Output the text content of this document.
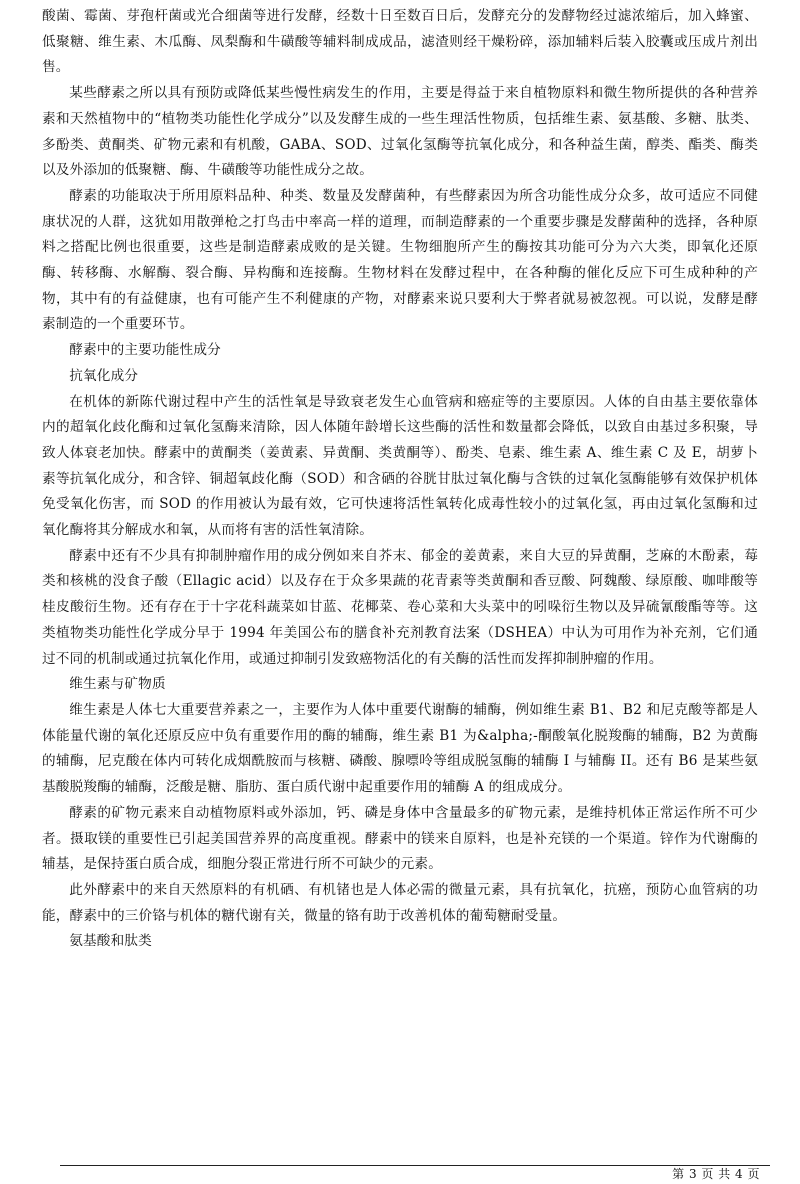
酸菌、霉菌、芽孢杆菌或光合细菌等进行发酵，经数十日至数百日后，发酵充分的发酵物经过滤浓缩后，加入蜂蜜、低聚糖、维生素、木瓜酶、凤梨酶和牛磺酸等辅料制成成品，滤渣则经干燥粉碎，添加辅料后装入胶囊或压成片剂出售。

某些酵素之所以具有预防或降低某些慢性病发生的作用，主要是得益于来自植物原料和微生物所提供的各种营养素和天然植物中的“植物类功能性化学成分”以及发酵生成的一些生理活性物质，包括维生素、氨基酸、多糖、肽类、多酚类、黄酮类、矿物元素和有机酸，GABA、SOD、过氧化氢酶等抗氧化成分，和各种益生菌，醇类、酯类、酶类以及外添加的低聚糖、酶、牛磺酸等功能性成分之故。

酵素的功能取决于所用原料品种、种类、数量及发酵菌种，有些酵素因为所含功能性成分众多，故可适应不同健康状况的人群，这犹如用散弹枪之打鸟击中率高一样的道理，而制造酵素的一个重要步骤是发酵菌种的选择，各种原料之搭配比例也很重要，这些是制造酵素成败的是关键。生物细胞所产生的酶按其功能可分为六大类，即氧化还原酶、转移酶、水解酶、裂合酶、异构酶和连接酶。生物材料在发酵过程中，在各种酶的催化反应下可生成种种的产物，其中有的有益健康，也有可能产生不利健康的产物，对酵素来说只要利大于弊者就易被忽视。可以说，发酵是酵素制造的一个重要环节。

酵素中的主要功能性成分

抗氧化成分

在机体的新陈代谢过程中产生的活性氧是导致衰老发生心血管病和癌症等的主要原因。人体的自由基主要依靠体内的超氧化歧化酶和过氧化氢酶来清除，因人体随年龄增长这些酶的活性和数量都会降低，以致自由基过多积聚，导致人体衰老加快。酵素中的黄酮类（姜黄素、异黄酮、类黄酮等）、酚类、皂素、维生素 A、维生素 C 及 E，胡萝卜素等抗氧化成分，和含锌、铜超氧歧化酶（SOD）和含硒的谷胱甘肽过氧化酶与含铁的过氧化氢酶能够有效保护机体免受氧化伤害，而 SOD 的作用被认为最有效，它可快速将活性氧转化成毒性较小的过氧化氢，再由过氧化氢酶和过氧化酶将其分解成水和氧，从而将有害的活性氧清除。

酵素中还有不少具有抑制肿瘤作用的成分例如来自芥末、郁金的姜黄素，来自大豆的异黄酮，芝麻的木酚素，莓类和核桃的没食子酸（Ellagic acid）以及存在于众多果蔬的花青素等类黄酮和香豆酸、阿魏酸、绿原酸、咖啡酸等桂皮酸衍生物。还有存在于十字花科蔬菜如甘蓝、花椰菜、卷心菜和大头菜中的吲哚衍生物以及异硫氰酸酯等等。这类植物类功能性化学成分早于 1994 年美国公布的膳食补充剂教育法案（DSHEA）中认为可用作为补充剂，它们通过不同的机制或通过抗氧化作用，或通过抑制引发致癌物活化的有关酶的活性而发挥抑制肿瘤的作用。

维生素与矿物质

维生素是人体七大重要营养素之一，主要作为人体中重要代谢酶的辅酶，例如维生素 B1、B2 和尼克酸等都是人体能量代谢的氧化还原反应中负有重要作用的酶的辅酶，维生素 B1 为&alpha;-酮酸氧化脱羧酶的辅酶，B2 为黄酶的辅酶，尼克酸在体内可转化成烟酰胺而与核糖、磷酸、腺嘌呤等组成脱氢酶的辅酶 I 与辅酶 II。还有 B6 是某些氨基酸脱羧酶的辅酶，泛酸是糖、脂肪、蛋白质代谢中起重要作用的辅酶 A 的组成成分。

酵素的矿物元素来自动植物原料或外添加，钙、磷是身体中含量最多的矿物元素，是维持机体正常运作所不可少者。摄取镁的重要性已引起美国营养界的高度重视。酵素中的镁来自原料，也是补充镁的一个渠道。锌作为代谢酶的辅基，是保持蛋白质合成，细胞分裂正常进行所不可缺少的元素。

此外酵素中的来自天然原料的有机硒、有机锗也是人体必需的微量元素，具有抗氧化，抗癌，预防心血管病的功能，酵素中的三价铬与机体的糖代谢有关，微量的铬有助于改善机体的葡萄糖耐受量。

氨基酸和肽类

第 3 页 共 4 页
